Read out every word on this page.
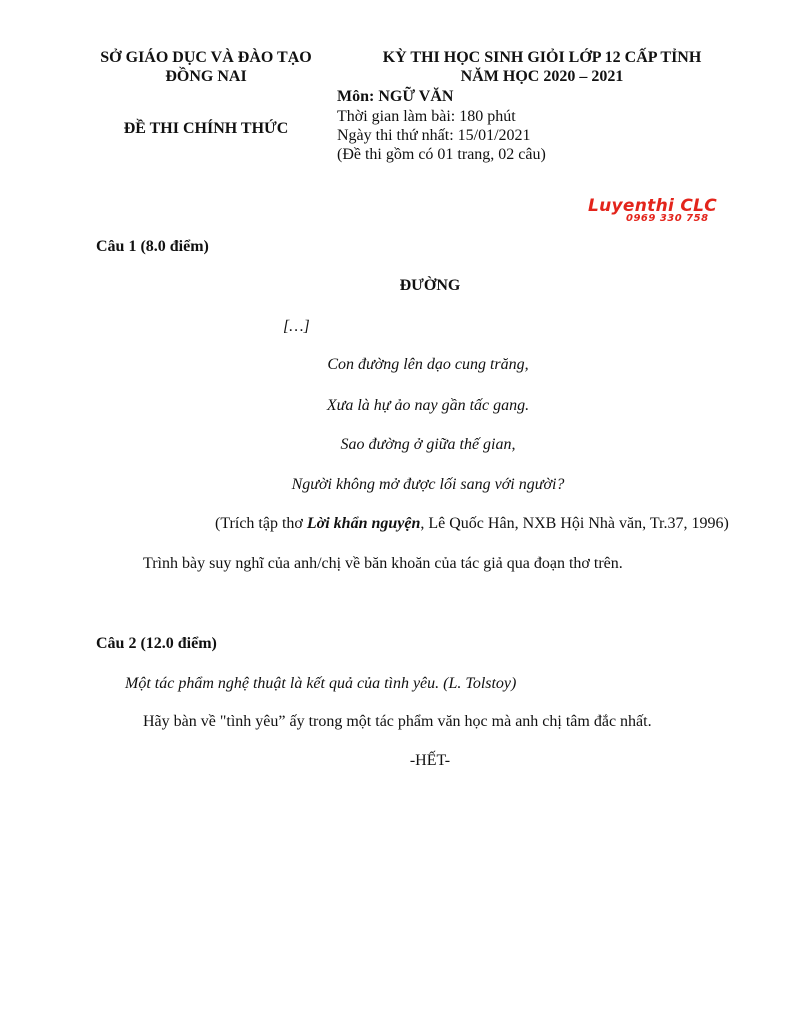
SỞ GIÁO DỤC VÀ ĐÀO TẠO
ĐỒNG NAI
ĐỀ THI CHÍNH THỨC
KỲ THI HỌC SINH GIỎI LỚP 12 CẤP TỈNH
NĂM HỌC 2020 – 2021
Môn: NGỮ VĂN
Thời gian làm bài: 180 phút
Ngày thi thứ nhất: 15/01/2021
(Đề thi gồm có 01 trang, 02 câu)
Luyenthi CLC
0969 330 758
Câu 1 (8.0 điểm)
ĐƯỜNG
[…]
Con đường lên dạo cung trăng,
Xưa là hự ảo nay gần tấc gang.
Sao đường ở giữa thế gian,
Người không mở được lối sang với người?
(Trích tập thơ Lời khẩn nguyện, Lê Quốc Hân, NXB Hội Nhà văn, Tr.37, 1996)
Trình bày suy nghĩ của anh/chị về băn khoăn của tác giả qua đoạn thơ trên.
Câu 2 (12.0 điểm)
Một tác phẩm nghệ thuật là kết quả của tình yêu. (L. Tolstoy)
Hãy bàn về "tình yêu” ấy trong một tác phẩm văn học mà anh chị tâm đắc nhất.
-HẾT-
